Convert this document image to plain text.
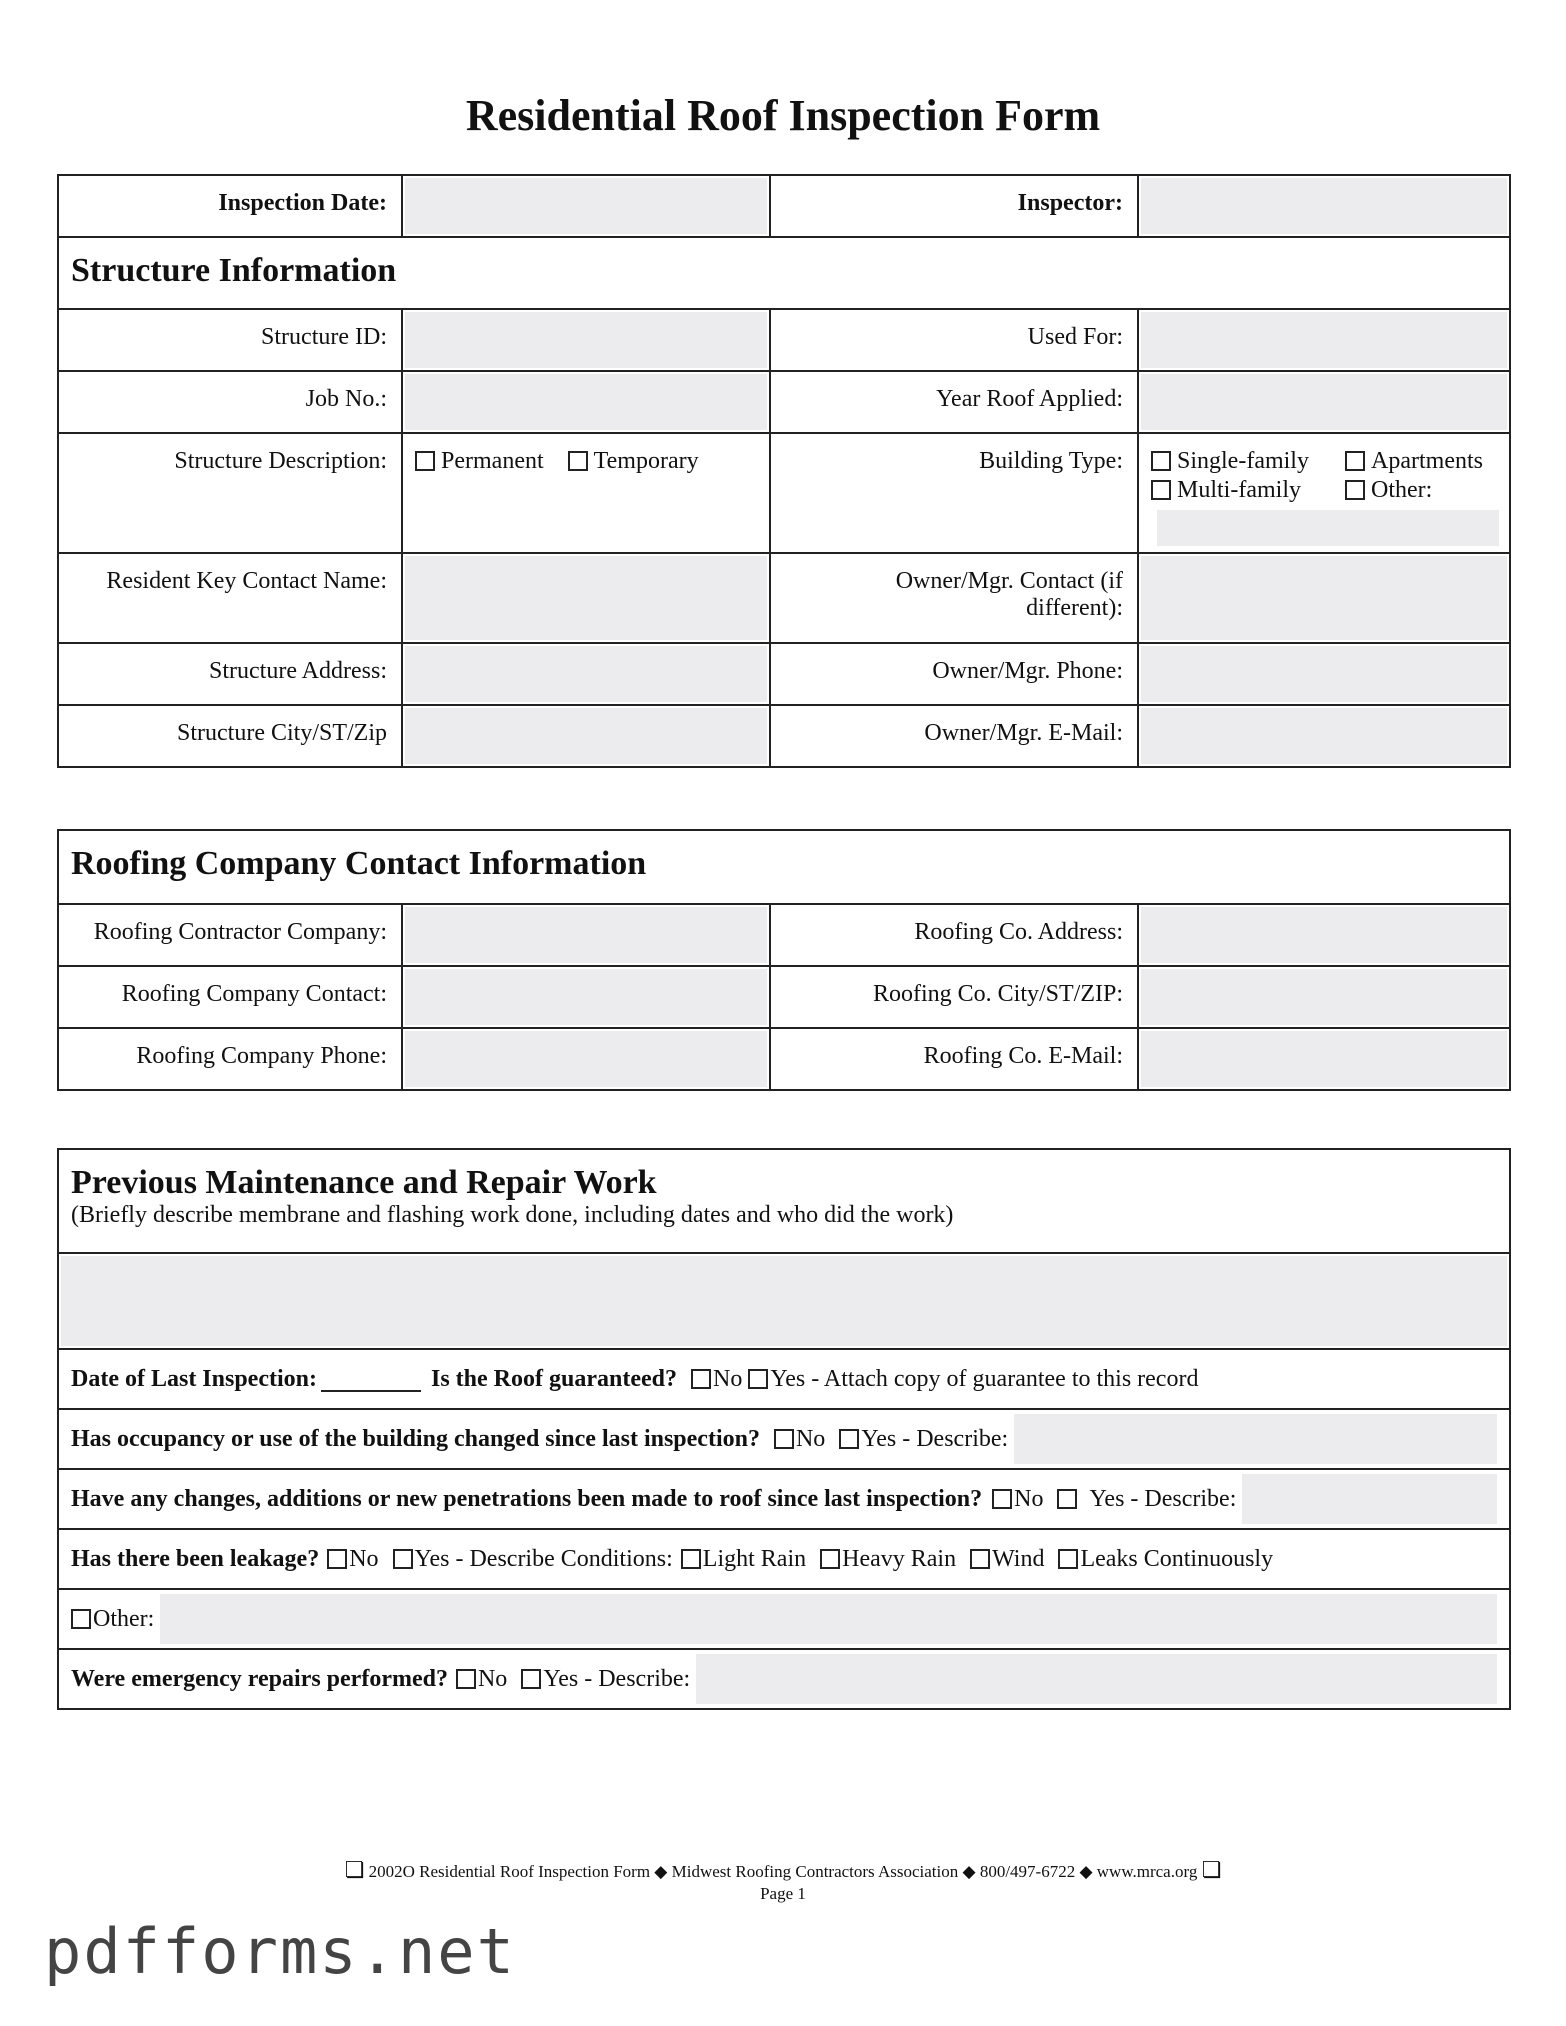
Residential Roof Inspection Form
Inspection Date:		Inspector:	

Structure Information			

Structure ID:		Used For:	

Job No.:		Year Roof Applied:	

Structure Description:	Permanent Temporary	Building Type:	Single-family Apartments
Multi-family Other:

Resident Key Contact Name:		Owner/Mgr. Contact (if different):	

Structure Address:		Owner/Mgr. Phone:	

Structure City/ST/Zip		Owner/Mgr. E-Mail:	
Roofing Company Contact Information			

Roofing Contractor Company:		Roofing Co. Address:	

Roofing Company Contact:		Roofing Co. City/ST/ZIP:	

Roofing Company Phone:		Roofing Co. E-Mail:	
Previous Maintenance and Repair Work
(Briefly describe membrane and flashing work done, including dates and who did the work)

Date of Last Inspection:	Is the Roof guaranteed? No Yes - Attach copy of guarantee to this record

Has occupancy or use of the building changed since last inspection? No Yes - Describe:

Have any changes, additions or new penetrations been made to roof since last inspection? No Yes - Describe:

Has there been leakage? No Yes - Describe Conditions: Light Rain Heavy Rain Wind Leaks Continuously

Other:

Were emergency repairs performed? No Yes - Describe:
❏ 2002O Residential Roof Inspection Form ◆ Midwest Roofing Contractors Association ◆ 800/497-6722 ◆ www.mrca.org ❏
Page 1
pdfforms.net
